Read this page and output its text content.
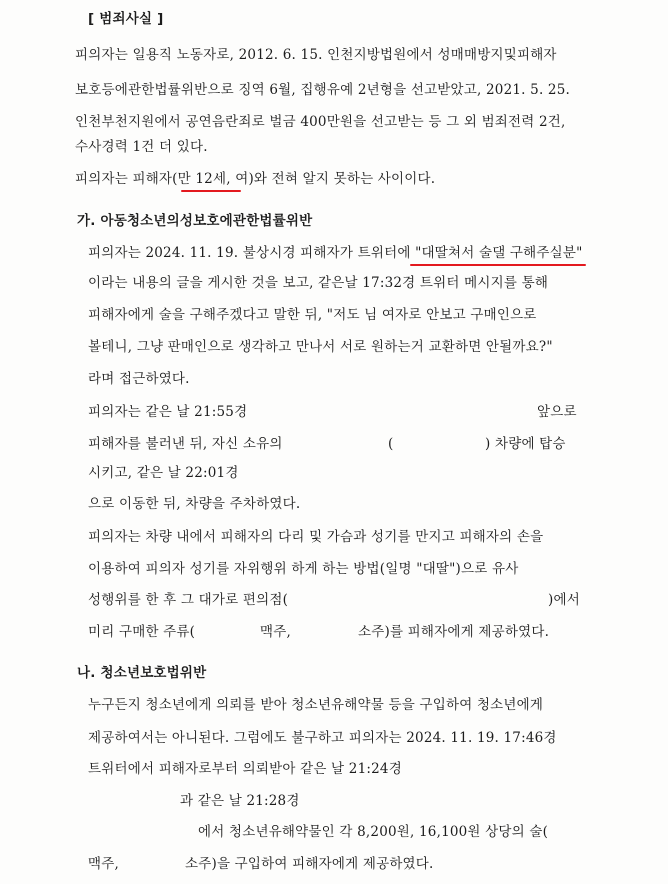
[ 범죄사실 ]
피의자는 일용직 노동자로, 2012. 6. 15. 인천지방법원에서 성매매방지및피해자
보호등에관한법률위반으로 징역 6월, 집행유예 2년형을 선고받았고, 2021. 5. 25.
인천부천지원에서 공연음란죄로 벌금 400만원을 선고받는 등 그 외 범죄전력 2건,
수사경력 1건 더 있다.
피의자는 피해자(만 12세, 여)와 전혀 알지 못하는 사이이다.
가. 아동청소년의성보호에관한법률위반
피의자는 2024. 11. 19. 불상시경 피해자가 트위터에 "대딸쳐서 술댈 구해주실분"
이라는 내용의 글을 게시한 것을 보고, 같은날 17:32경 트위터 메시지를 통해
피해자에게 술을 구해주겠다고 말한 뒤, "저도 님 여자로 안보고 구매인으로
볼테니, 그냥 판매인으로 생각하고 만나서 서로 원하는거 교환하면 안될까요?"
라며 접근하였다.
피의자는 같은 날 21:55경	앞으로
피해자를 불러낸 뒤, 자신 소유의	(	) 차량에 탑승
시키고, 같은 날 22:01경
으로 이동한 뒤, 차량을 주차하였다.
피의자는 차량 내에서 피해자의 다리 및 가슴과 성기를 만지고 피해자의 손을
이용하여 피의자 성기를 자위행위 하게 하는 방법(일명 "대딸")으로 유사
성행위를 한 후 그 대가로 편의점(	)에서
미리 구매한 주류(	맥주,	소주)를 피해자에게 제공하였다.
나. 청소년보호법위반
누구든지 청소년에게 의뢰를 받아 청소년유해약물 등을 구입하여 청소년에게
제공하여서는 아니된다. 그럼에도 불구하고 피의자는 2024. 11. 19. 17:46경
트위터에서 피해자로부터 의뢰받아 같은 날 21:24경
과 같은 날 21:28경
에서 청소년유해약물인 각 8,200원, 16,100원 상당의 술(
맥주,	소주)을 구입하여 피해자에게 제공하였다.
